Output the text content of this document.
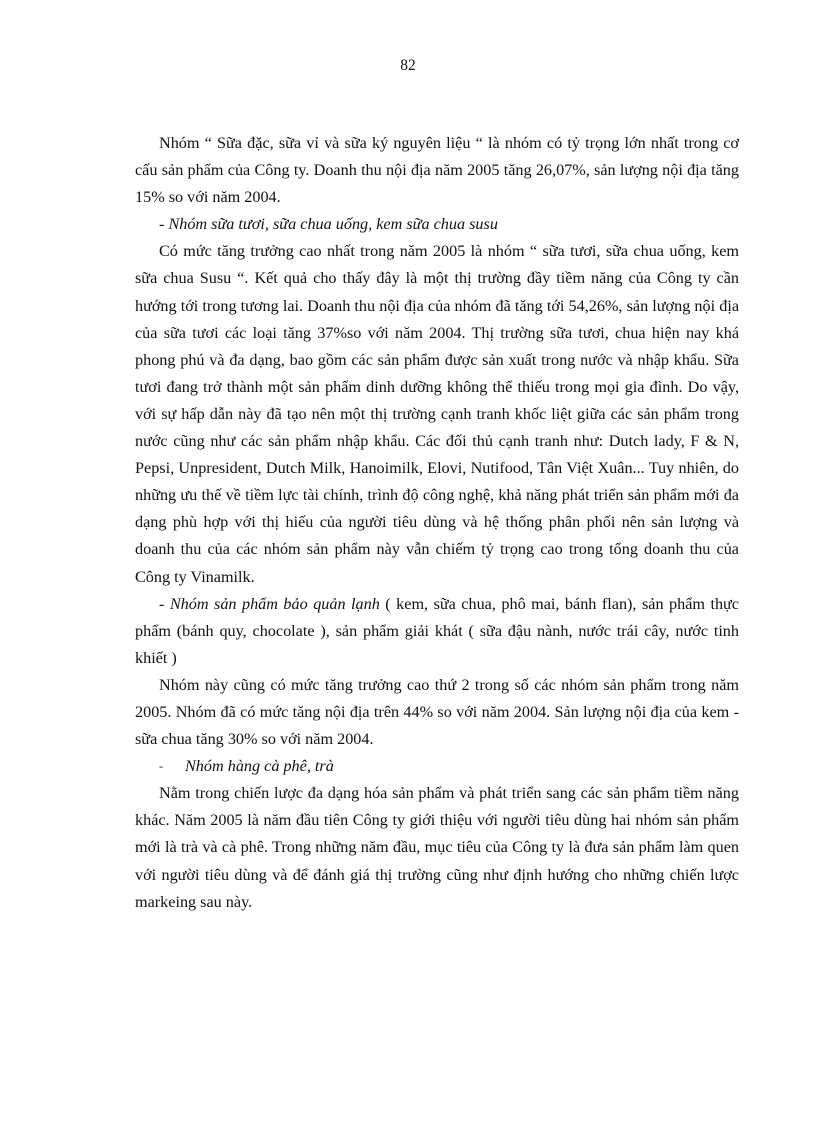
82

Nhóm “ Sữa đặc, sữa vỉ và sữa ký nguyên liệu “ là nhóm có tỷ trọng lớn nhất trong cơ cấu sản phẩm của Công ty. Doanh thu nội địa năm 2005 tăng 26,07%, sản lượng nội địa tăng 15% so với năm 2004.

- Nhóm sữa tươi, sữa chua uống, kem sữa chua susu

Có mức tăng trưởng cao nhất trong năm 2005 là nhóm “ sữa tươi, sữa chua uống, kem sữa chua Susu “. Kết quả cho thấy đây là một thị trường đầy tiềm năng của Công ty cần hướng tới trong tương lai. Doanh thu nội địa của nhóm đã tăng tới 54,26%, sản lượng nội địa của sữa tươi các loại tăng 37%so với năm 2004. Thị trường sữa tươi, chua hiện nay khá phong phú và đa dạng, bao gồm các sản phẩm được sản xuất trong nước và nhập khẩu. Sữa tươi đang trở thành một sản phẩm dinh dưỡng không thể thiếu trong mọi gia đình. Do vậy, với sự hấp dẫn này đã tạo nên một thị trường cạnh tranh khốc liệt giữa các sản phẩm trong nước cũng như các sản phẩm nhập khẩu. Các đối thủ cạnh tranh như: Dutch lady, F & N, Pepsi, Unpresident, Dutch Milk, Hanoimilk, Elovi, Nutifood, Tân Việt Xuân... Tuy nhiên, do những ưu thế về tiềm lực tài chính, trình độ công nghệ, khả năng phát triển sản phẩm mới đa dạng phù hợp với thị hiếu của người tiêu dùng và hệ thống phân phối nên sản lượng và doanh thu của các nhóm sản phẩm này vẫn chiếm tỷ trọng cao trong tổng doanh thu của Công ty Vinamilk.

- Nhóm sản phẩm bảo quản lạnh ( kem, sữa chua, phô mai, bánh flan), sản phẩm thực phẩm (bánh quy, chocolate ), sản phẩm giải khát ( sữa đậu nành, nước trái cây, nước tinh khiết )

Nhóm này cũng có mức tăng trưởng cao thứ 2 trong số các nhóm sản phẩm trong năm 2005. Nhóm đã có mức tăng nội địa trên 44% so với năm 2004. Sản lượng nội địa của kem - sữa chua tăng 30% so với năm 2004.

- Nhóm hàng cà phê, trà

Nằm trong chiến lược đa dạng hóa sản phẩm và phát triển sang các sản phẩm tiềm năng khác. Năm 2005 là năm đầu tiên Công ty giới thiệu với người tiêu dùng hai nhóm sản phẩm mới là trà và cà phê. Trong những năm đầu, mục tiêu của Công ty là đưa sản phẩm làm quen với người tiêu dùng và để đánh giá thị trường cũng như định hướng cho những chiến lược markeing sau này.
